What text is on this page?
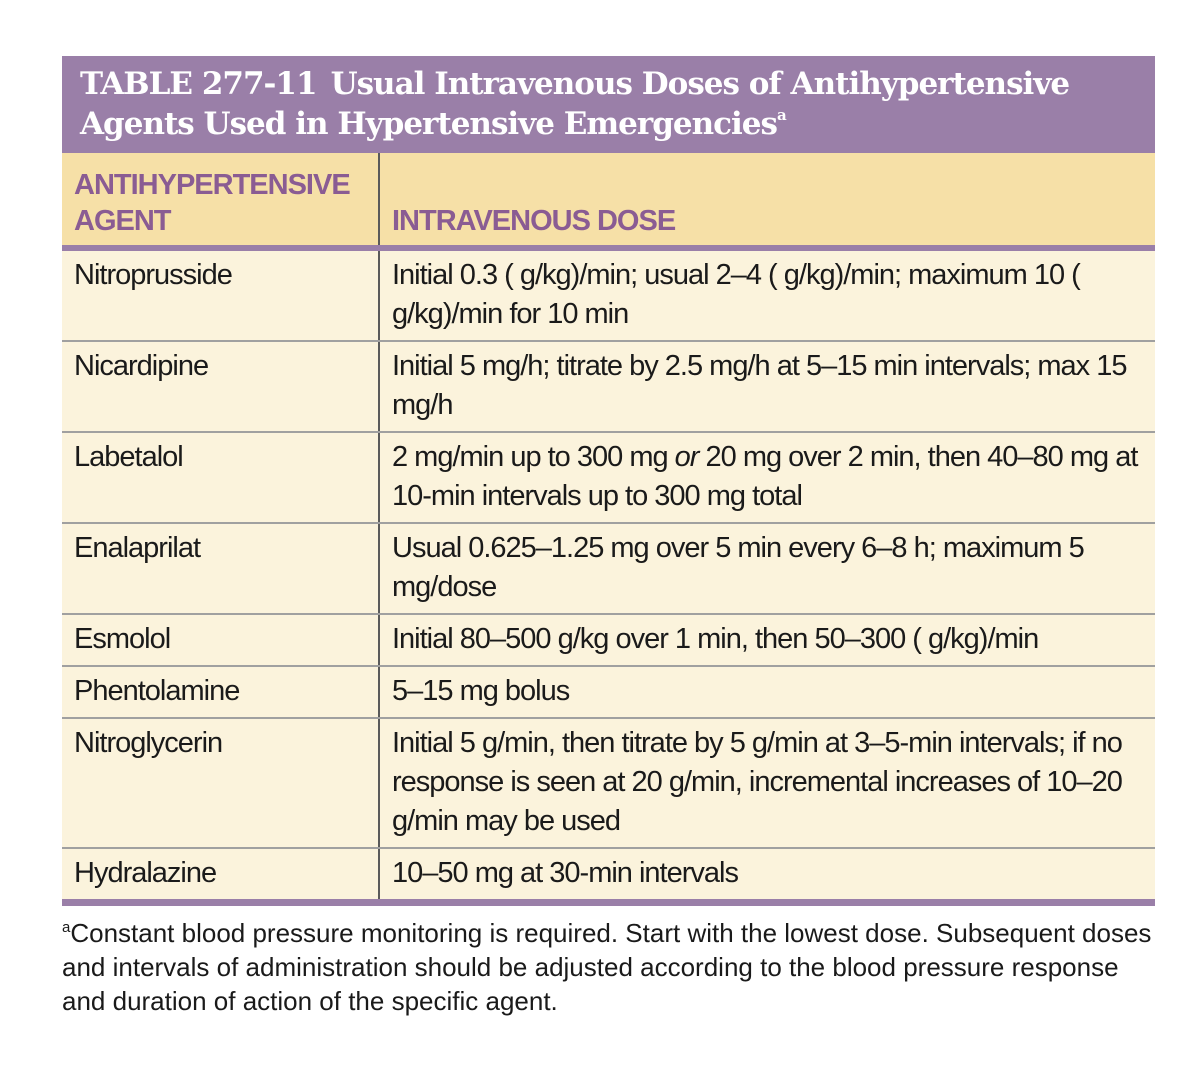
TABLE 277-11 Usual Intravenous Doses of Antihypertensive Agents Used in Hypertensive Emergencies$^a$
ANTIHYPERTENSIVE
AGENT	INTRAVENOUS DOSE
Nitroprusside	Initial 0.3 ( g/kg)/min; usual 2–4 ( g/kg)/min; maximum 10 ( g/kg)/min for 10 min
Nicardipine	Initial 5 mg/h; titrate by 2.5 mg/h at 5–15 min intervals; max 15 mg/h
Labetalol	2 mg/min up to 300 mg or 20 mg over 2 min, then 40–80 mg at 10-min intervals up to 300 mg total
Enalaprilat	Usual 0.625–1.25 mg over 5 min every 6–8 h; maximum 5 mg/dose
Esmolol	Initial 80–500 g/kg over 1 min, then 50–300 ( g/kg)/min
Phentolamine	5–15 mg bolus
Nitroglycerin	Initial 5 g/min, then titrate by 5 g/min at 3–5-min intervals; if no response is seen at 20 g/min, incremental increases of 10–20 g/min may be used
Hydralazine	10–50 mg at 30-min intervals
$^a$Constant blood pressure monitoring is required. Start with the lowest dose. Subsequent doses and intervals of administration should be adjusted according to the blood pressure response and duration of action of the specific agent.
